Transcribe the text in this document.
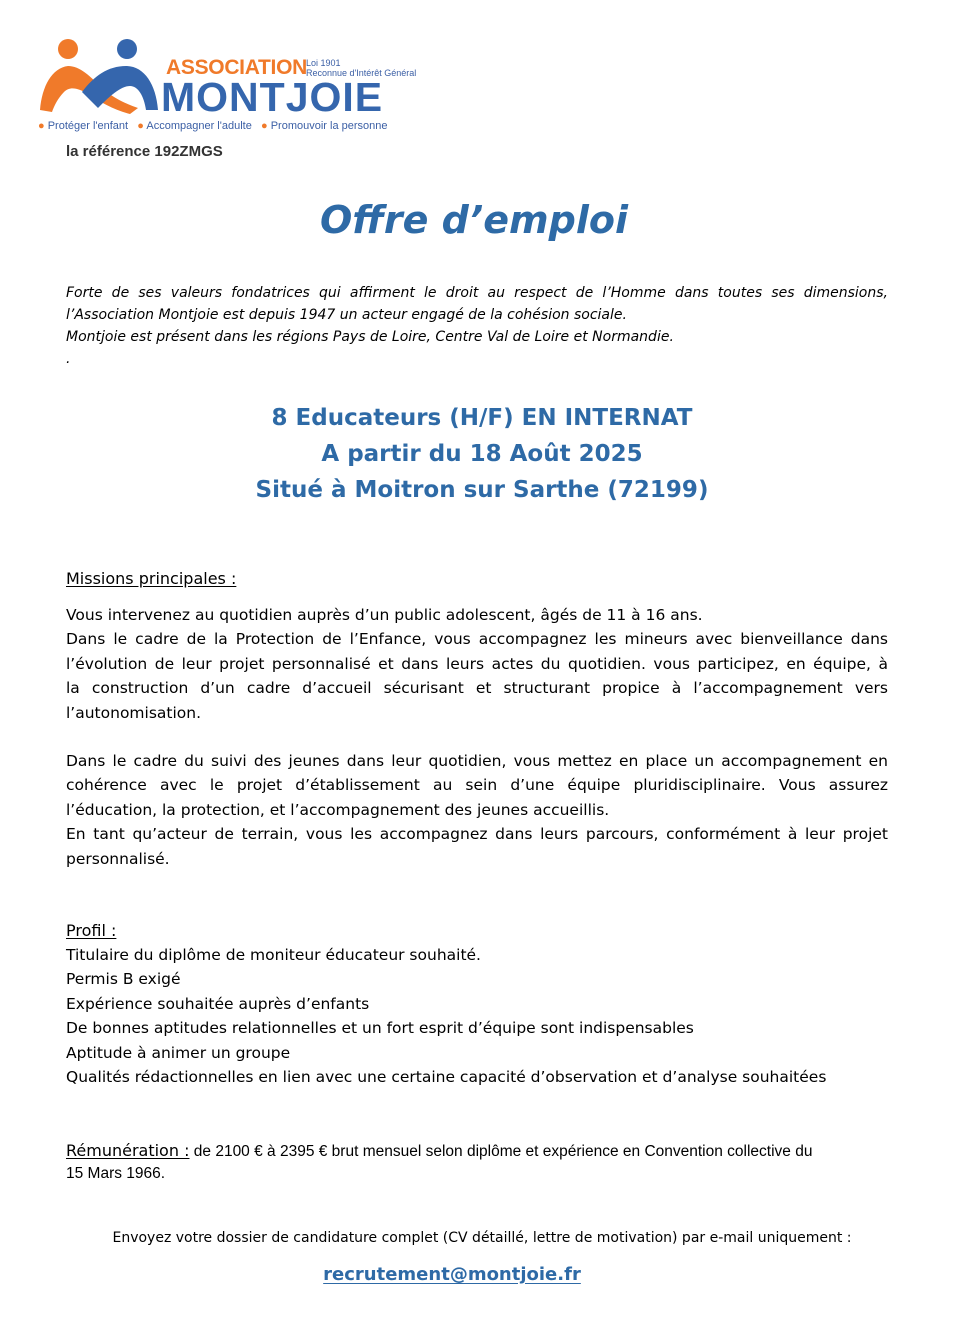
ASSOCIATION Loi 1901
Reconnue d'Intérêt Général
MONTJOIE
● Protéger l'enfant ● Accompagner l'adulte ● Promouvoir la personne
la référence 192ZMGS
Offre d’emploi

Forte de ses valeurs fondatrices qui affirment le droit au respect de l’Homme dans toutes ses dimensions,

l’Association Montjoie est depuis 1947 un acteur engagé de la cohésion sociale.

Montjoie est présent dans les régions Pays de Loire, Centre Val de Loire et Normandie.

.

8 Educateurs (H/F) EN INTERNAT
A partir du 18 Août 2025
Situé à Moitron sur Sarthe (72199)
Missions principales :

Vous intervenez au quotidien auprès d’un public adolescent, âgés de 11 à 16 ans.

Dans le cadre de la Protection de l’Enfance, vous accompagnez les mineurs avec bienveillance dans

l’évolution de leur projet personnalisé et dans leurs actes du quotidien. vous participez, en équipe, à

la construction d’un cadre d’accueil sécurisant et structurant propice à l’accompagnement vers

l’autonomisation.

Dans le cadre du suivi des jeunes dans leur quotidien, vous mettez en place un accompagnement en

cohérence avec le projet d’établissement au sein d’une équipe pluridisciplinaire. Vous assurez

l’éducation, la protection, et l’accompagnement des jeunes accueillis.

En tant qu’acteur de terrain, vous les accompagnez dans leurs parcours, conformément à leur projet

personnalisé.

Profil :
Titulaire du diplôme de moniteur éducateur souhaité.
Permis B exigé
Expérience souhaitée auprès d’enfants
De bonnes aptitudes relationnelles et un fort esprit d’équipe sont indispensables
Aptitude à animer un groupe
Qualités rédactionnelles en lien avec une certaine capacité d’observation et d’analyse souhaitées
Rémunération : de 2100 € à 2395 € brut mensuel selon diplôme et expérience en Convention collective du
15 Mars 1966.
Envoyez votre dossier de candidature complet (CV détaillé, lettre de motivation) par e-mail uniquement :
recrutement@montjoie.fr
